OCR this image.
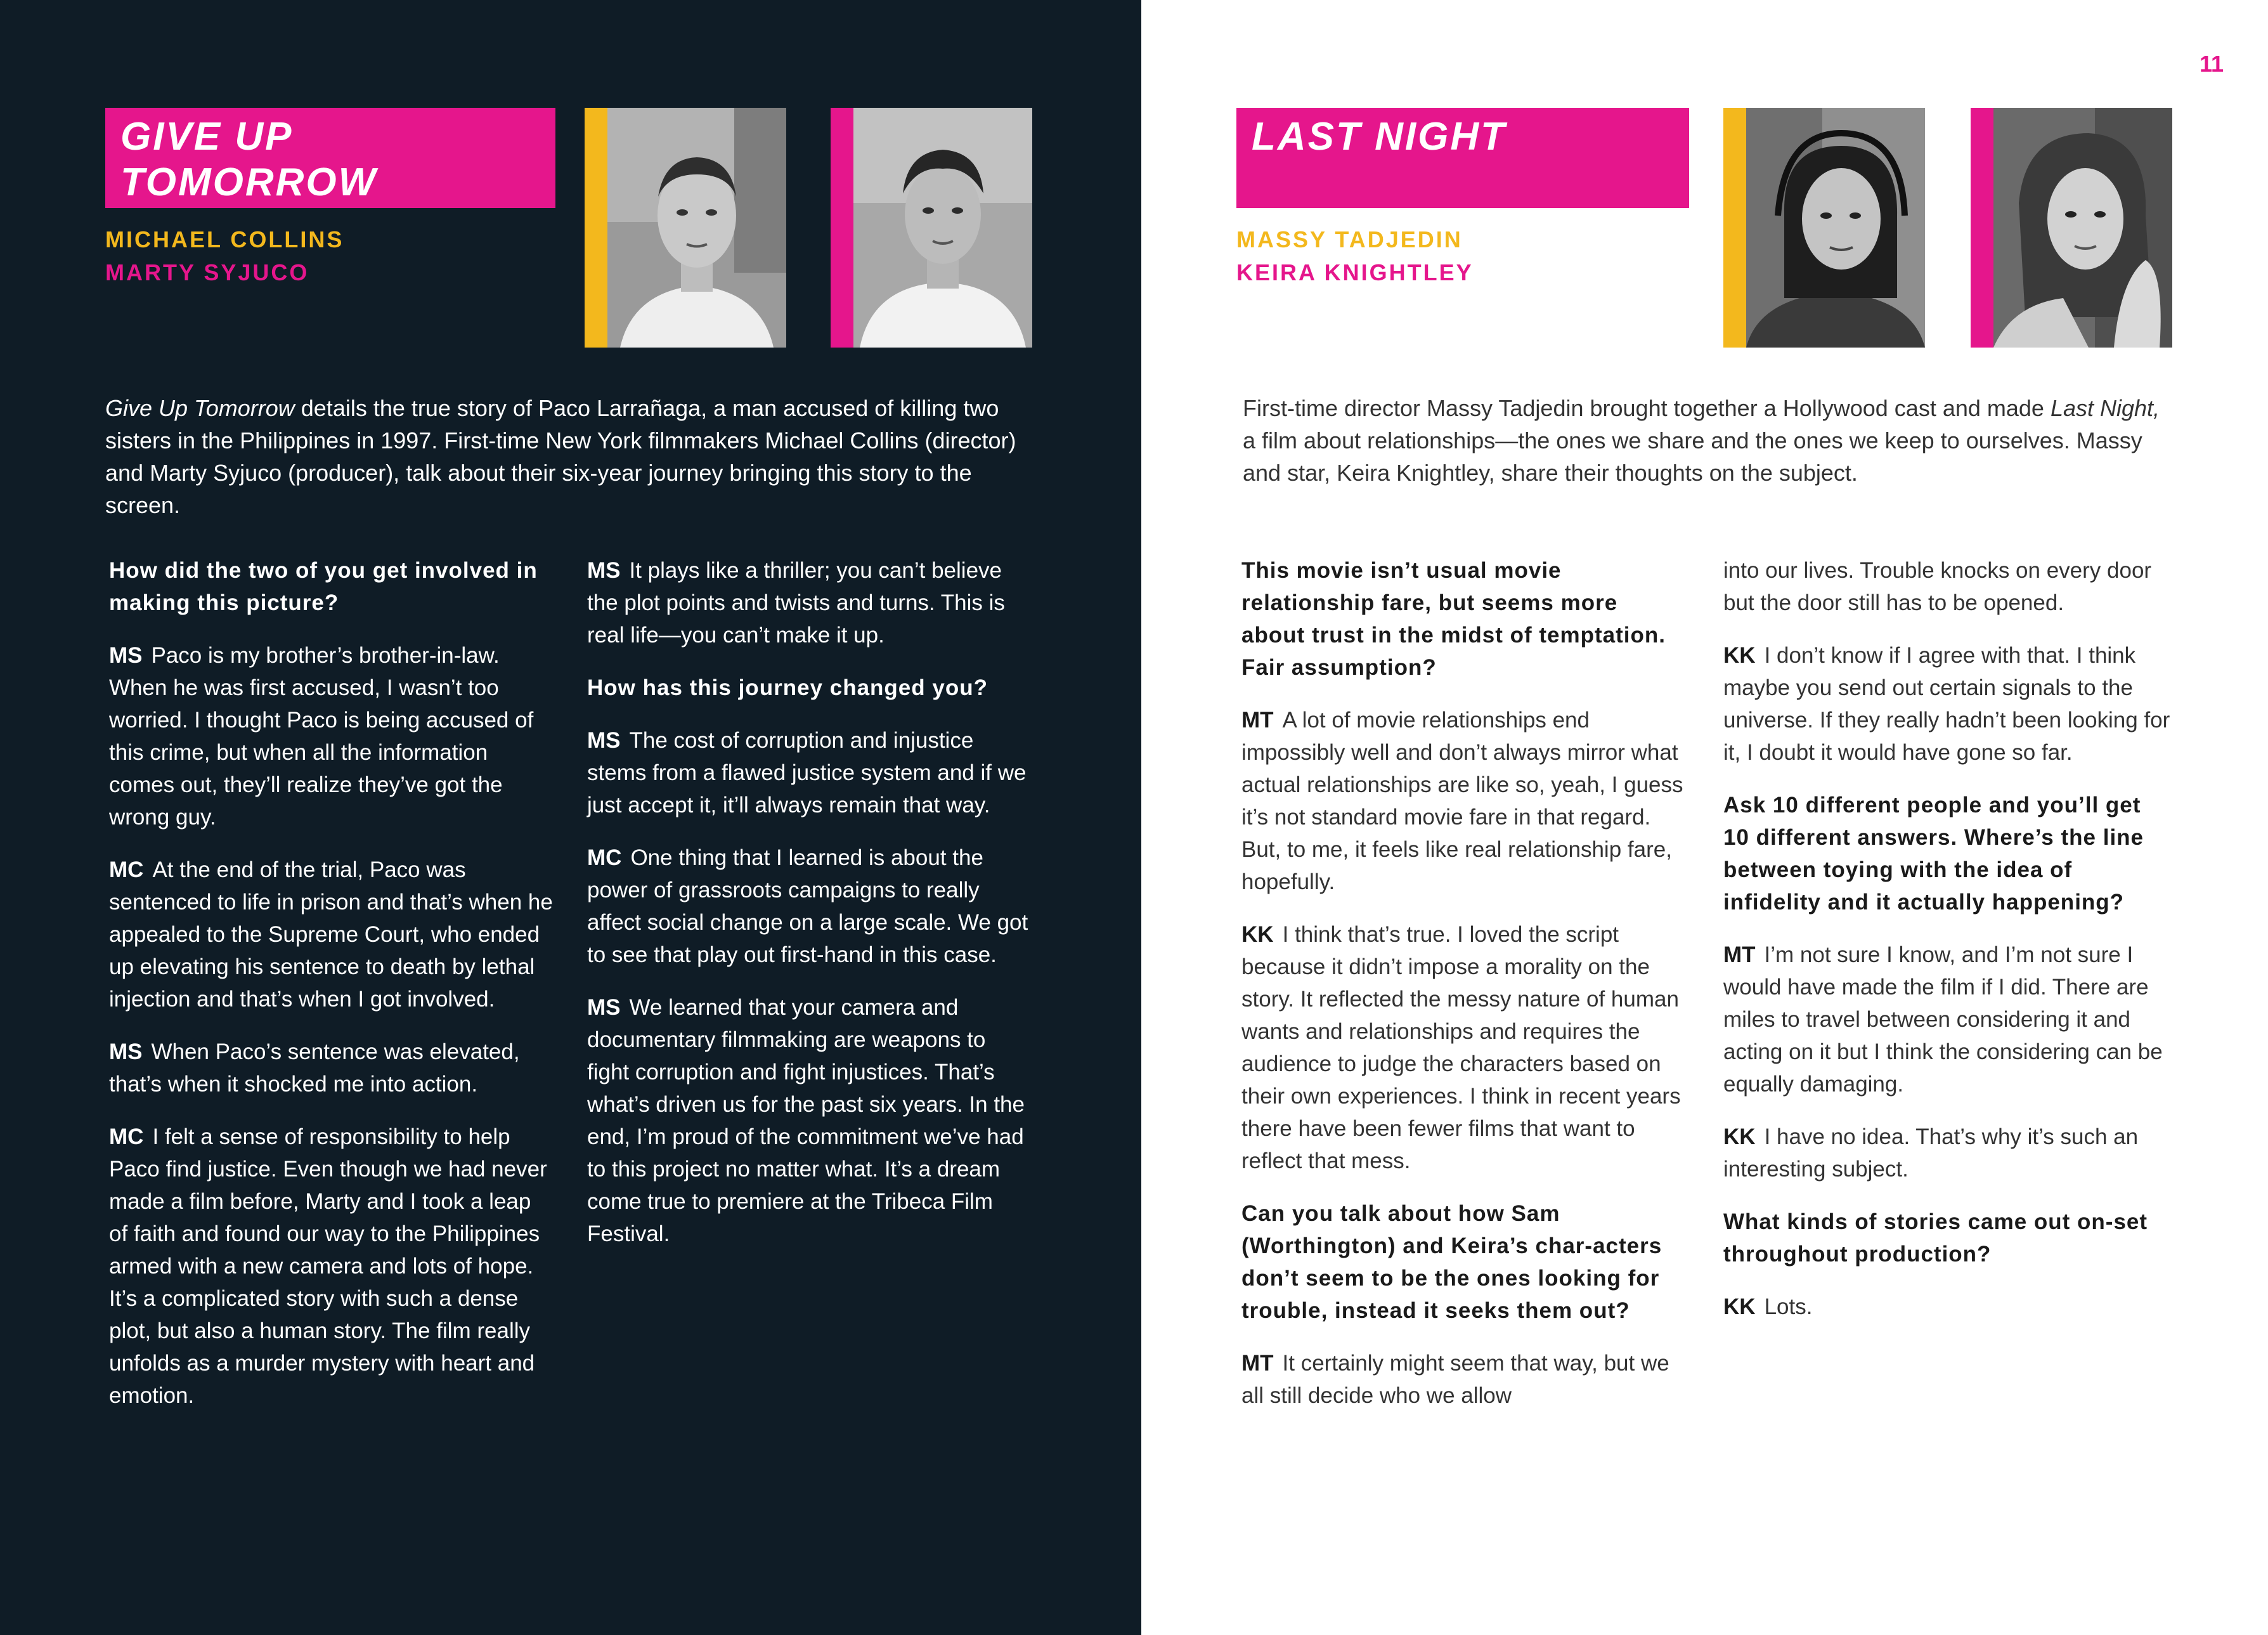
GIVE UP
TOMORROW
MICHAEL COLLINS
MARTY SYJUCO

Give Up Tomorrow details the true story of Paco Larrañaga, a man accused of killing two sisters in the Philippines in 1997. First-time New York filmmakers Michael Collins (director) and Marty Syjuco (producer), talk about their six-year journey bringing this story to the screen.

How did the two of you get involved in making this picture?

MS Paco is my brother’s brother-in-law. When he was first accused, I wasn’t too worried. I thought Paco is being accused of this crime, but when all the information comes out, they’ll realize they’ve got the wrong guy.

MC At the end of the trial, Paco was sentenced to life in prison and that’s when he appealed to the Supreme Court, who ended up elevating his sentence to death by lethal injection and that’s when I got involved.

MS When Paco’s sentence was elevated, that’s when it shocked me into action.

MC I felt a sense of responsibility to help Paco find justice. Even though we had never made a film before, Marty and I took a leap of faith and found our way to the Philippines armed with a new camera and lots of hope. It’s a complicated story with such a dense plot, but also a human story. The film really unfolds as a murder mystery with heart and emotion.

MS It plays like a thriller; you can’t believe the plot points and twists and turns. This is real life—you can’t make it up.

How has this journey changed you?

MS The cost of corruption and injustice stems from a flawed justice system and if we just accept it, it’ll always remain that way.

MC One thing that I learned is about the power of grassroots campaigns to really affect social change on a large scale. We got to see that play out first-hand in this case.

MS We learned that your camera and documentary filmmaking are weapons to fight corruption and fight injustices. That’s what’s driven us for the past six years. In the end, I’m proud of the commitment we’ve had to this project no matter what. It’s a dream come true to premiere at the Tribeca Film Festival.

11
LAST NIGHT
MASSY TADJEDIN
KEIRA KNIGHTLEY

First-time director Massy Tadjedin brought together a Hollywood cast and made Last Night, a film about relationships—the ones we share and the ones we keep to ourselves. Massy and star, Keira Knightley, share their thoughts on the subject.

This movie isn’t usual movie relationship fare, but seems more about trust in the midst of temptation. Fair assumption?

MT A lot of movie relationships end impossibly well and don’t always mirror what actual relationships are like so, yeah, I guess it’s not standard movie fare in that regard. But, to me, it feels like real relationship fare, hopefully.

KK I think that’s true. I loved the script because it didn’t impose a morality on the story. It reflected the messy nature of human wants and relationships and requires the audience to judge the characters based on their own experiences. I think in recent years there have been fewer films that want to reflect that mess.

Can you talk about how Sam (Worthington) and Keira’s char-acters don’t seem to be the ones looking for trouble, instead it seeks them out?

MT It certainly might seem that way, but we all still decide who we allow

into our lives. Trouble knocks on every door but the door still has to be opened.

KK I don’t know if I agree with that. I think maybe you send out certain signals to the universe. If they really hadn’t been looking for it, I doubt it would have gone so far.

Ask 10 different people and you’ll get 10 different answers. Where’s the line between toying with the idea of infidelity and it actually happening?

MT I’m not sure I know, and I’m not sure I would have made the film if I did. There are miles to travel between considering it and acting on it but I think the considering can be equally damaging.

KK I have no idea. That’s why it’s such an interesting subject.

What kinds of stories came out on-set throughout production?

KK Lots.
